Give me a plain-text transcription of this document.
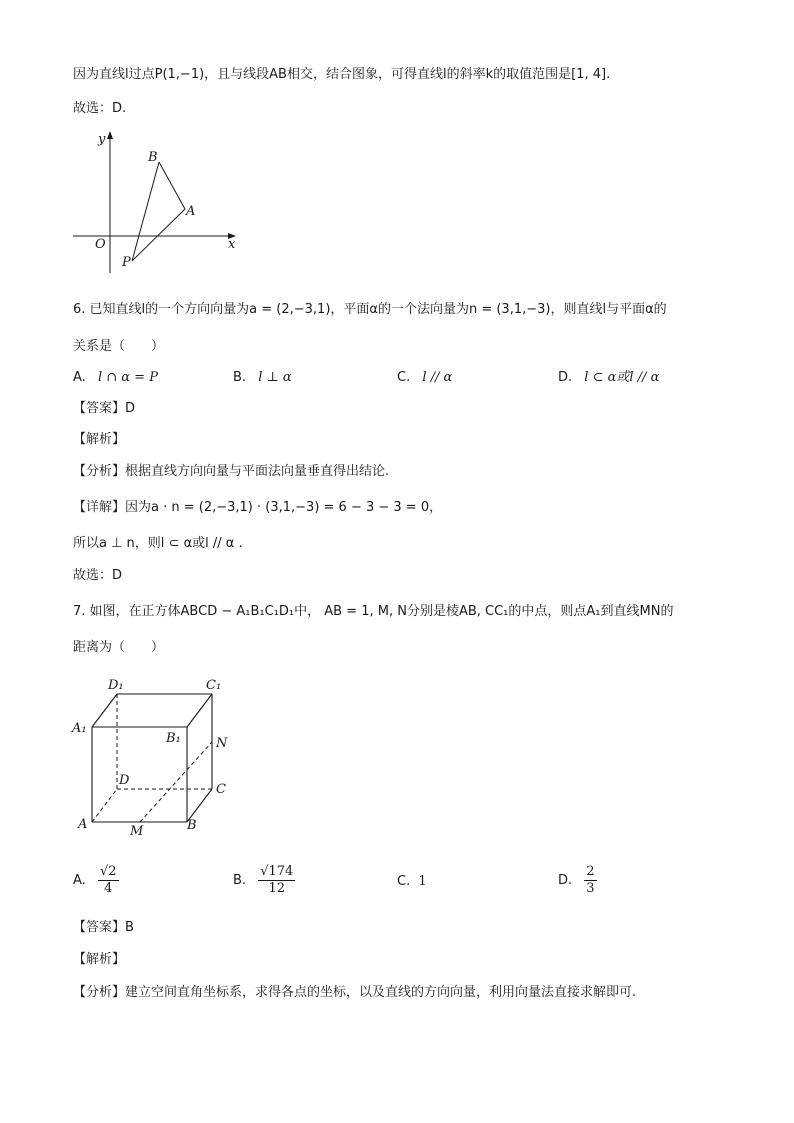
因为直线l过点P(1,−1)，且与线段AB相交，结合图象，可得直线l的斜率k的取值范围是[1, 4].
故选：D.
y
x
O
B
A
P
6. 已知直线l的一个方向向量为a = (2,−3,1)，平面α的一个法向量为n = (3,1,−3)，则直线l与平面α的
关系是（　　）
A. l ∩ α = P	B. l ⊥ α	C. l // α	D. l ⊂ α或l // α
【答案】D
【解析】
【分析】根据直线方向向量与平面法向量垂直得出结论.
【详解】因为a · n = (2,−3,1) · (3,1,−3) = 6 − 3 − 3 = 0，
所以a ⊥ n，则l ⊂ α或l // α .
故选：D
7. 如图，在正方体ABCD − A₁B₁C₁D₁中， AB = 1, M, N分别是棱AB, CC₁的中点，则点A₁到直线MN的
距离为（　　）
D₁	C₁
A₁
B₁	N
D
C
A	M	B
A. $\frac{√2}{4}$	B. $\frac{√174}{12}$	C. 1	D. $\frac{2}{3}$
【答案】B
【解析】
【分析】建立空间直角坐标系，求得各点的坐标，以及直线的方向向量，利用向量法直接求解即可.
